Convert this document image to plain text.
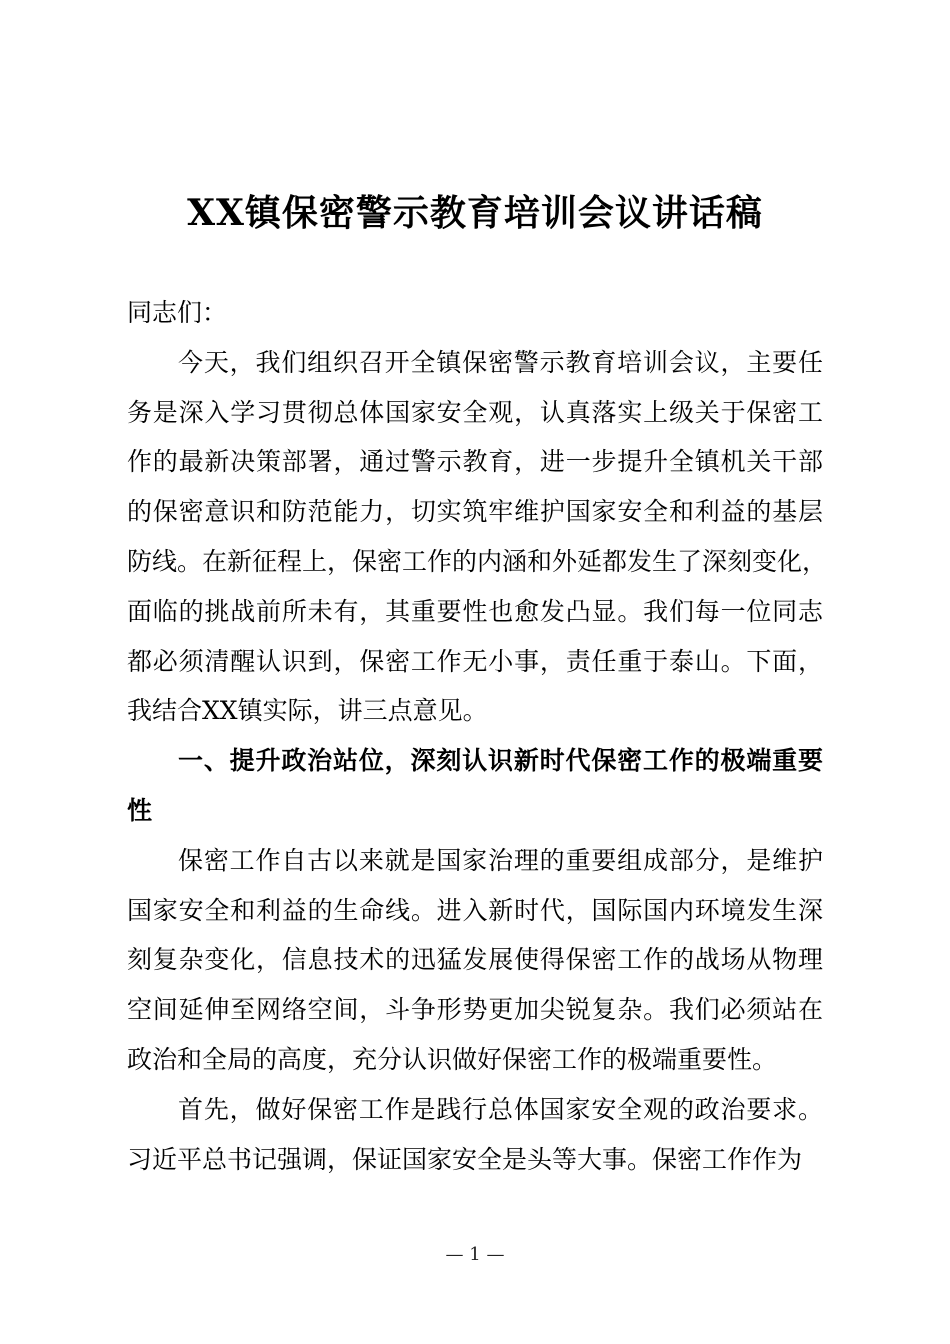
XX镇保密警示教育培训会议讲话稿
同志们：
今天，我们组织召开全镇保密警示教育培训会议，主要任
务是深入学习贯彻总体国家安全观，认真落实上级关于保密工
作的最新决策部署，通过警示教育，进一步提升全镇机关干部
的保密意识和防范能力，切实筑牢维护国家安全和利益的基层
防线。在新征程上，保密工作的内涵和外延都发生了深刻变化，
面临的挑战前所未有，其重要性也愈发凸显。我们每一位同志
都必须清醒认识到，保密工作无小事，责任重于泰山。下面，
我结合XX镇实际，讲三点意见。
一、提升政治站位，深刻认识新时代保密工作的极端重要
性
保密工作自古以来就是国家治理的重要组成部分，是维护
国家安全和利益的生命线。进入新时代，国际国内环境发生深
刻复杂变化，信息技术的迅猛发展使得保密工作的战场从物理
空间延伸至网络空间，斗争形势更加尖锐复杂。我们必须站在
政治和全局的高度，充分认识做好保密工作的极端重要性。
首先，做好保密工作是践行总体国家安全观的政治要求。
习近平总书记强调，保证国家安全是头等大事。保密工作作为
— 1 —
